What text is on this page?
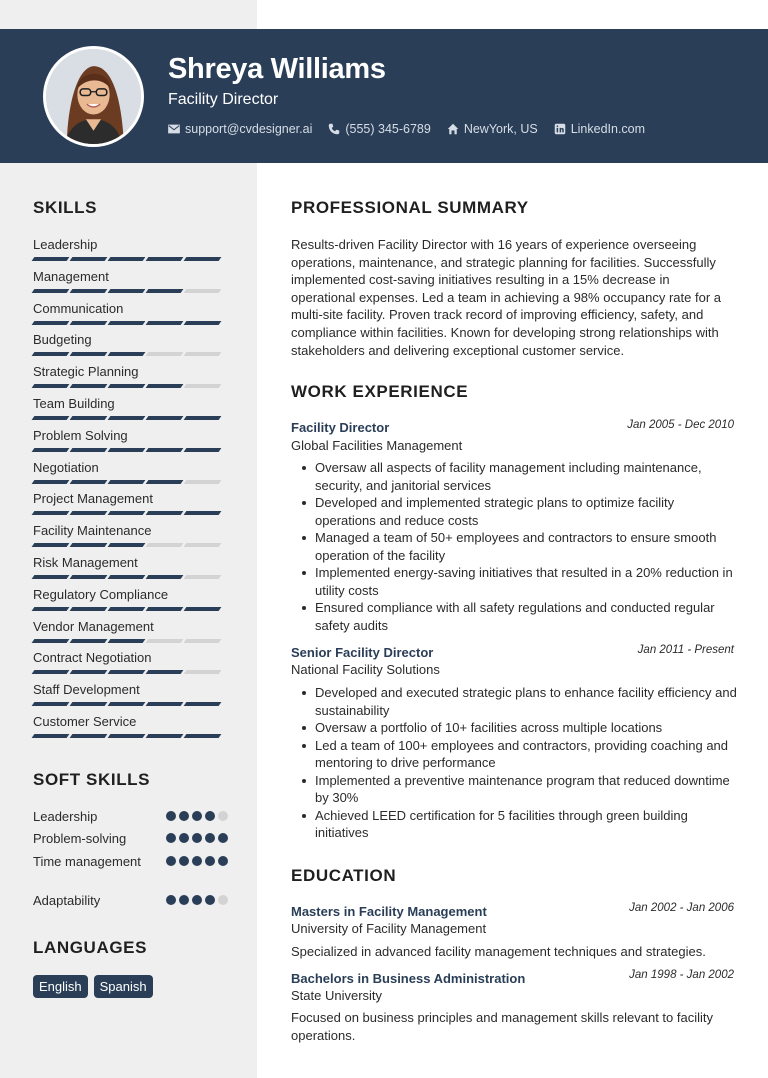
Shreya Williams
Facility Director
support@cvdesigner.ai	(555) 345-6789	NewYork, US	LinkedIn.com
SKILLS
Leadership
Management
Communication
Budgeting
Strategic Planning
Team Building
Problem Solving
Negotiation
Project Management
Facility Maintenance
Risk Management
Regulatory Compliance
Vendor Management
Contract Negotiation
Staff Development
Customer Service
SOFT SKILLS
Leadership
Problem-solving
Time management
Adaptability
LANGUAGES
English	Spanish
PROFESSIONAL SUMMARY
Results-driven Facility Director with 16 years of experience overseeing operations, maintenance, and strategic planning for facilities. Successfully implemented cost-saving initiatives resulting in a 15% decrease in operational expenses. Led a team in achieving a 98% occupancy rate for a multi-site facility. Proven track record of improving efficiency, safety, and compliance within facilities. Known for developing strong relationships with stakeholders and delivering exceptional customer service.
WORK EXPERIENCE
Facility Director	Jan 2005 - Dec 2010
Global Facilities Management
Oversaw all aspects of facility management including maintenance, security, and janitorial services
Developed and implemented strategic plans to optimize facility operations and reduce costs
Managed a team of 50+ employees and contractors to ensure smooth operation of the facility
Implemented energy-saving initiatives that resulted in a 20% reduction in utility costs
Ensured compliance with all safety regulations and conducted regular safety audits
Senior Facility Director	Jan 2011 - Present
National Facility Solutions
Developed and executed strategic plans to enhance facility efficiency and sustainability
Oversaw a portfolio of 10+ facilities across multiple locations
Led a team of 100+ employees and contractors, providing coaching and mentoring to drive performance
Implemented a preventive maintenance program that reduced downtime by 30%
Achieved LEED certification for 5 facilities through green building initiatives
EDUCATION
Masters in Facility Management	Jan 2002 - Jan 2006
University of Facility Management
Specialized in advanced facility management techniques and strategies.
Bachelors in Business Administration	Jan 1998 - Jan 2002
State University
Focused on business principles and management skills relevant to facility operations.
